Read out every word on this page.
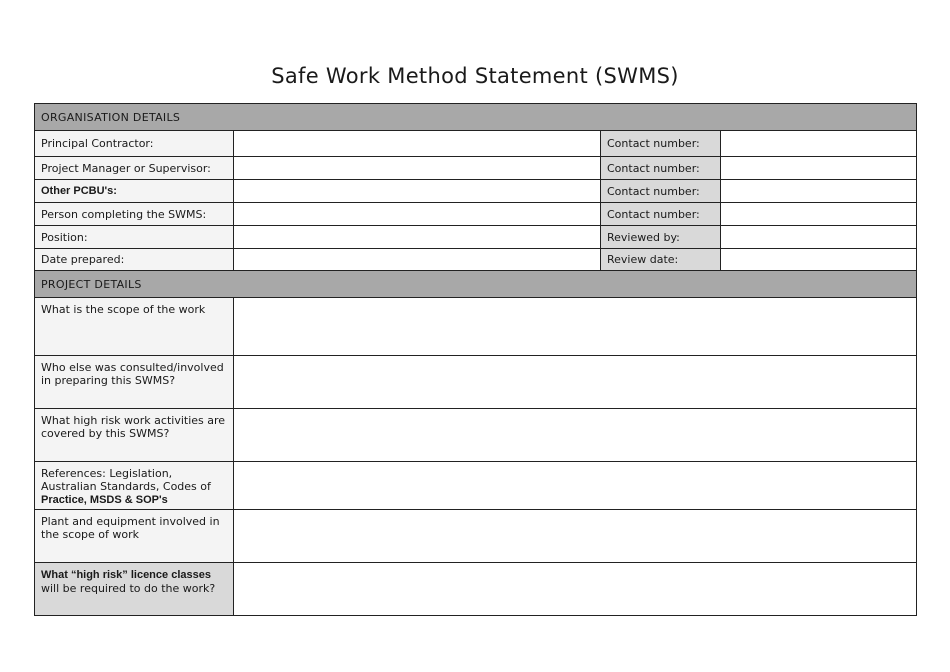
Safe Work Method Statement (SWMS)
ORGANISATION DETAILS			
Principal Contractor:		Contact number:	
Project Manager or Supervisor:		Contact number:	
Other PCBU's:		Contact number:	
Person completing the SWMS:		Contact number:	
Position:		Reviewed by:	
Date prepared:		Review date:	
PROJECT DETAILS			
What is the scope of the work			
Who else was consulted/involved
in preparing this SWMS?			
What high risk work activities are
covered by this SWMS?			
References: Legislation,
Australian Standards, Codes of
Practice, MSDS & SOP's			
Plant and equipment involved in
the scope of work			
What “high risk” licence classes
will be required to do the work?			
